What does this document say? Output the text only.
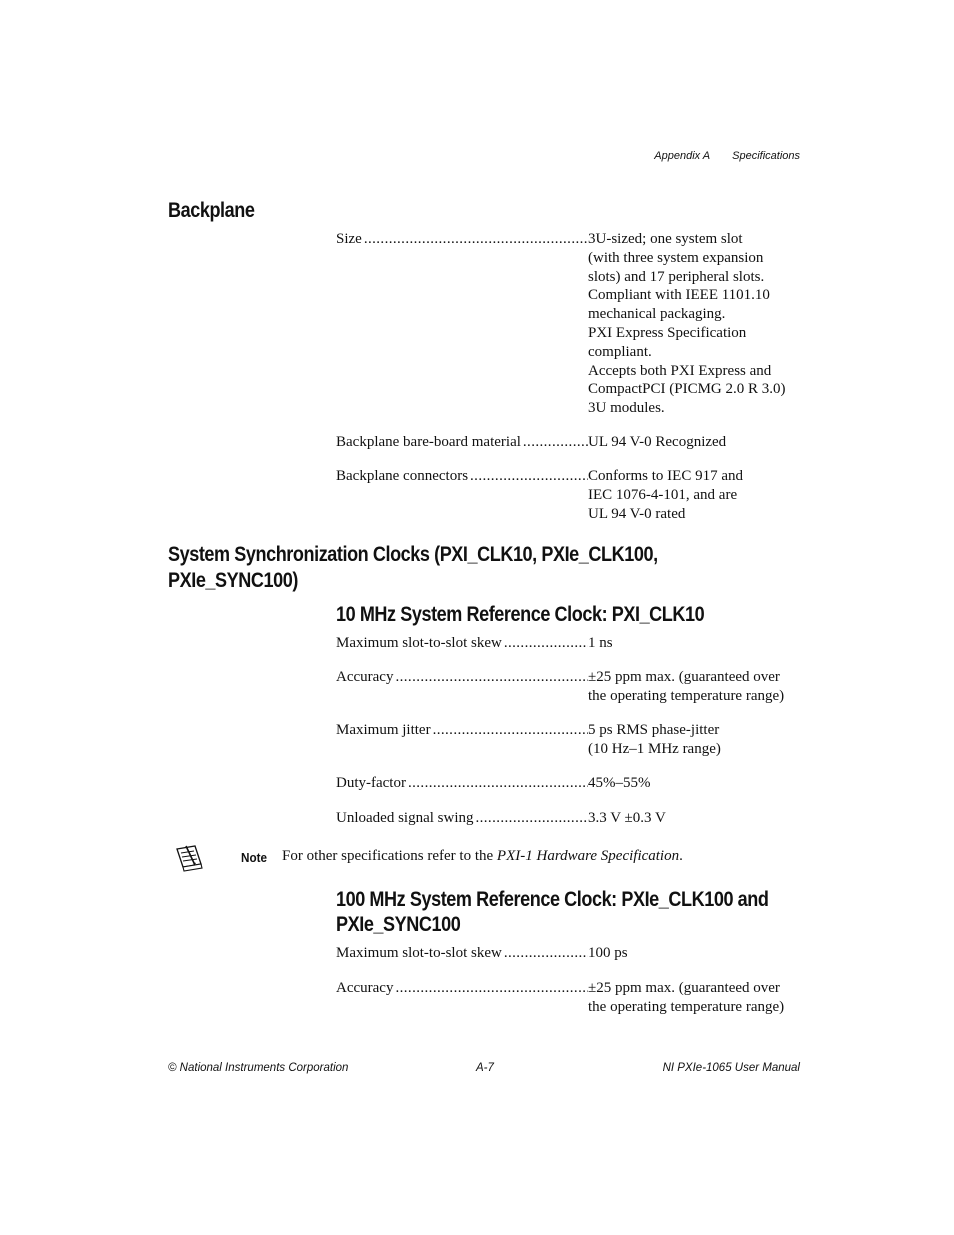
Appendix A Specifications
Backplane
Size .....	3U-sized; one system slot
(with three system expansion
slots) and 17 peripheral slots.
Compliant with IEEE 1101.10
mechanical packaging.
PXI Express Specification
compliant.
Accepts both PXI Express and
CompactPCI (PICMG 2.0 R 3.0)
3U modules.
Backplane bare-board material .....	UL 94 V-0 Recognized
Backplane connectors .....	Conforms to IEC 917 and
IEC 1076-4-101, and are
UL 94 V-0 rated
System Synchronization Clocks (PXI_CLK10, PXIe_CLK100,
PXIe_SYNC100)
10 MHz System Reference Clock: PXI_CLK10
Maximum slot-to-slot skew .....	1 ns
Accuracy .....	±25 ppm max. (guaranteed over
the operating temperature range)
Maximum jitter .....	5 ps RMS phase-jitter
(10 Hz–1 MHz range)
Duty-factor .....	45%–55%
Unloaded signal swing .....	3.3 V ±0.3 V
Note For other specifications refer to the PXI-1 Hardware Specification.
100 MHz System Reference Clock: PXIe_CLK100 and
PXIe_SYNC100
Maximum slot-to-slot skew .....	100 ps
Accuracy .....	±25 ppm max. (guaranteed over
the operating temperature range)
© National Instruments Corporation	A-7	NI PXIe-1065 User Manual
